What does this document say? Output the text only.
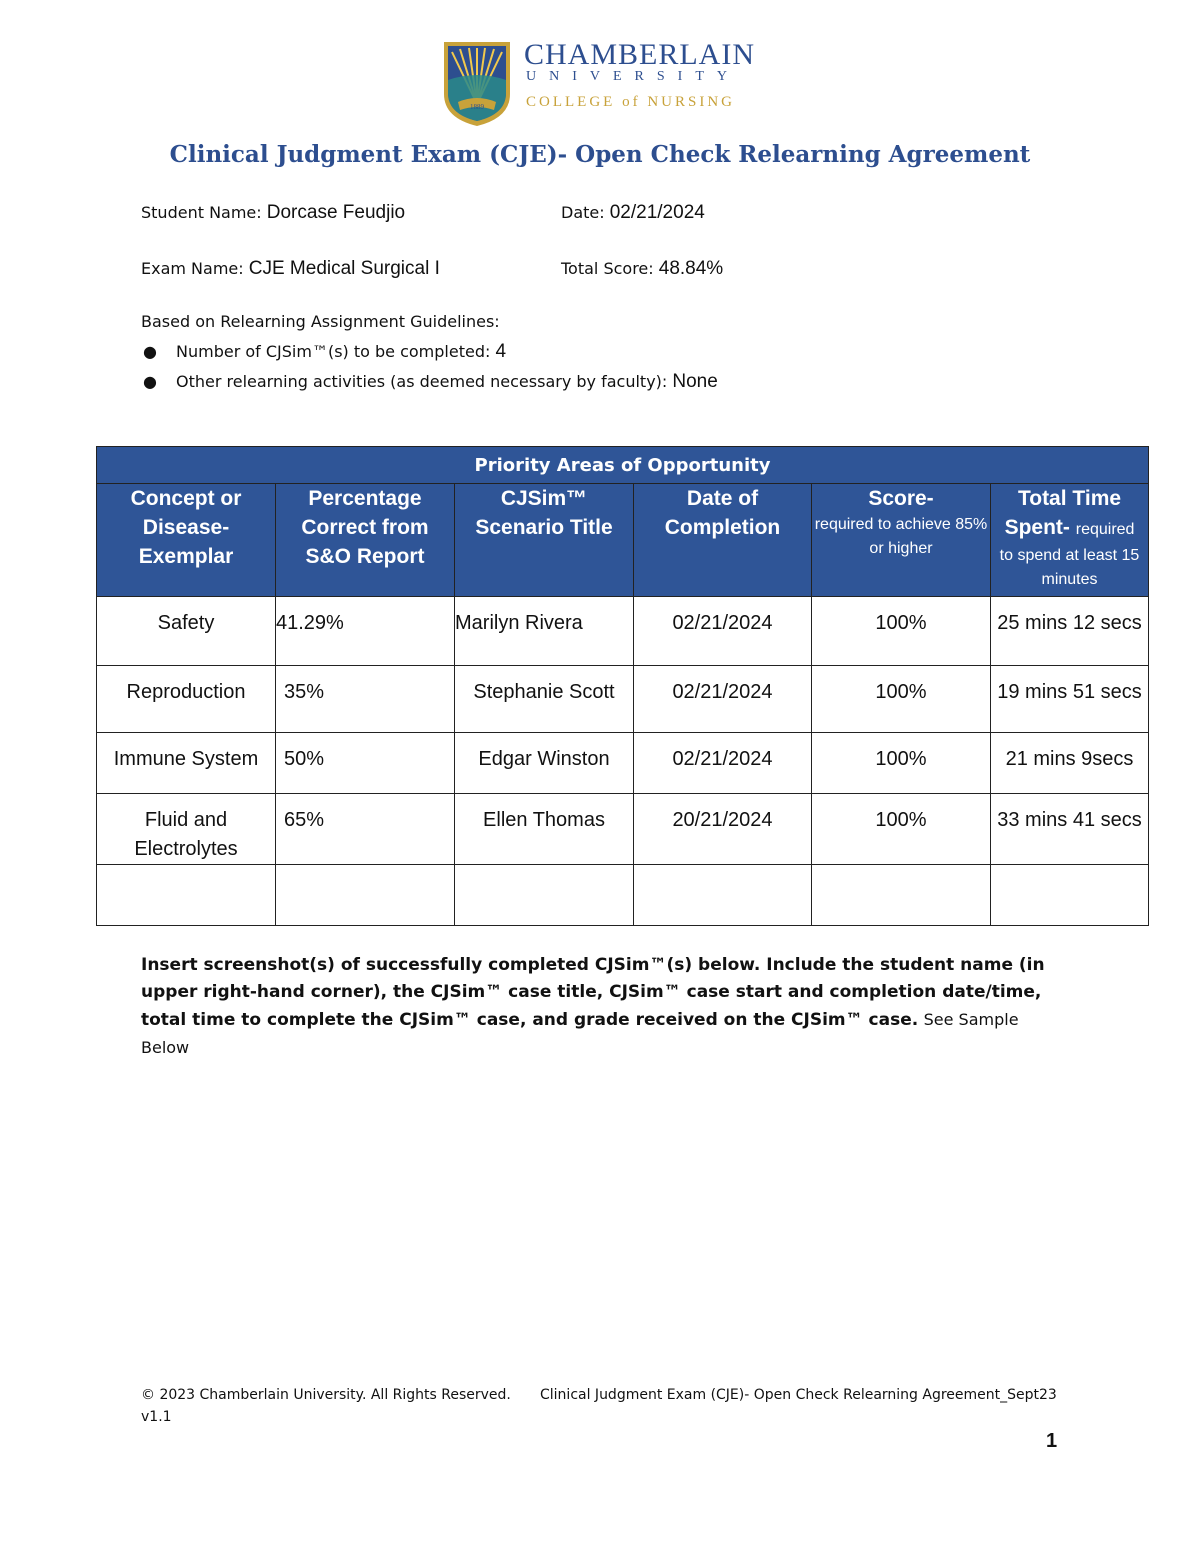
1889
CHAMBERLAIN
UNIVERSITY
COLLEGE of NURSING
Clinical Judgment Exam (CJE)- Open Check Relearning Agreement
Student Name: Dorcase Feudjio	Date: 02/21/2024
Exam Name: CJE Medical Surgical I	Total Score: 48.84%
Based on Relearning Assignment Guidelines:
● Number of CJSim™(s) to be completed: 4
● Other relearning activities (as deemed necessary by faculty): None
Priority Areas of Opportunity					
Concept or Disease-Exemplar	Percentage Correct from S&O Report	CJSim™ Scenario Title	Date of Completion	Score-
required to achieve 85% or higher	Total Time Spent- required
to spend at least 15 minutes

Safety	41.29%	Marilyn Rivera	02/21/2024	100%	25 mins 12 secs
Reproduction	35%	Stephanie Scott	02/21/2024	100%	19 mins 51 secs
Immune System	50%	Edgar Winston	02/21/2024	100%	21 mins 9secs
Fluid and Electrolytes	65%	Ellen Thomas	20/21/2024	100%	33 mins 41 secs

Insert screenshot(s) of successfully completed CJSim™(s) below. Include the student name (in upper right-hand corner), the CJSim™ case title, CJSim™ case start and completion date/time, total time to complete the CJSim™ case, and grade received on the CJSim™ case. See Sample Below
© 2023 Chamberlain University. All Rights Reserved.	Clinical Judgment Exam (CJE)- Open Check Relearning Agreement_Sept23
v1.1
1
